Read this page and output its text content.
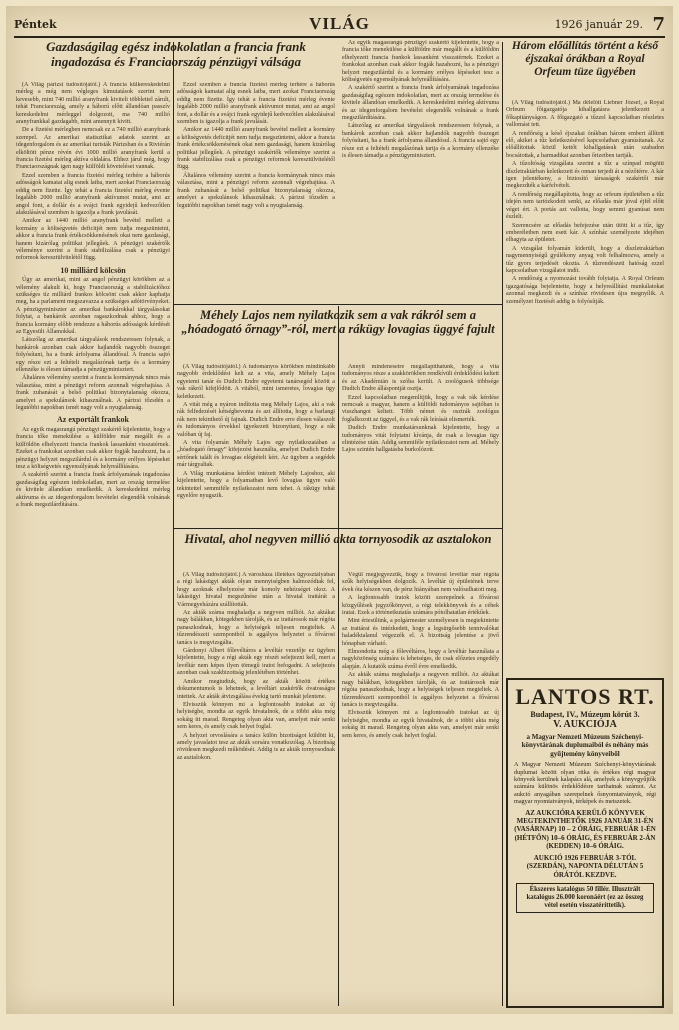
Péntek	VILÁG	1926 január 29. 7
Gazdaságilag egész indokolatlan a francia frank ingadozása és Franciaország pénzügyi válsága

(A Világ párizsi tudósítójától.) A francia külkereskedelmi mérleg a még nem végleges kimutatások szerint nem kevesebb, mint 740 millió aranyfrank kiviteli többlettel zárult, tehát Franciaország, amely a háború előtt állandóan passzív kereskedelmi mérleggel dolgozott, ma 740 millió aranyfrankkal gazdagabb, mint amennyit kivitt.

De a fizetési mérlegben nemcsak ez a 740 millió aranyfrank szerepel. Az amerikai statisztikai adatok szerint az idegenforgalom és az amerikai turisták Párizsban és a Riviérán elköltött pénze révén évi 1000 millió aranyfrank kerül a francia fizetési mérleg aktíva oldalára. Ehhez járul még, hogy Franciaországnak igen nagy külföldi követelései vannak.

Ezzel szemben a francia fizetési mérleg terhére a háborús adósságok kamatai alig esnek latba, mert azokat Franciaország eddig nem fizette. Így tehát a francia fizetési mérleg évente legalább 2000 millió aranyfrank aktívumot mutat, ami az angol font, a dollár és a svájci frank egyidejű kedvezőtlen alakulásával szemben is igazolja a frank javulását.

Amikor az 1440 millió aranyfrank bevétel mellett a kormány a költségvetés deficitjét nem tudja megszüntetni, akkor a francia frank értékcsökkenésének okai nem gazdasági, hanem kizárólag politikai jellegűek. A pénzügyi szakértők véleménye szerint a frank stabilizálása csak a pénzügyi reformok keresztülvitelétől függ.

10 milliárd kölcsön

Úgy az amerikai, mint az angol pénzügyi körökben az a vélemény alakult ki, hogy Franciaország a stabilizációhoz szükséges tíz milliárd frankos kölcsönt csak akkor kaphatja meg, ha a parlament megszavazza a szükséges adótörvényeket. A pénzügyminiszter az amerikai bankárokkal tárgyalásokat folytat, a bankárok azonban ragaszkodnak ahhoz, hogy a francia kormány előbb rendezze a háborús adósságok kérdését az Egyesült Államokkal.

Látszólag az amerikai tárgyalások rendszeresen folynak, a bankárok azonban csak akkor hajlandók nagyobb összeget folyósítani, ha a frank árfolyama állandósul. A francia sajtó egy része ezt a feltételt megalázónak tartja és a kormány ellenzéke is élesen támadja a pénzügyminisztert.

Általános vélemény szerint a francia kormánynak nincs más választása, mint a pénzügyi reform azonnali végrehajtása. A frank zuhanását a belső politikai bizonytalanság okozza, amelyet a spekulánsok kihasználnak. A párizsi tőzsdén a legutóbbi napokban ismét nagy volt a nyugtalanság.

Az exportált frankok

Az egyik magasrangú pénzügyi szakértő kijelentette, hogy a francia tőke menekülése a külföldre már megállt és a külföldön elhelyezett francia frankok lassanként visszatérnek. Ezeket a frankokat azonban csak akkor fogják hazahozni, ha a pénzügyi helyzet megszilárdul és a kormány erélyes lépéseket tesz a költségvetés egyensúlyának helyreállítására.

A szakértő szerint a francia frank árfolyamának ingadozása gazdaságilag egészen indokolatlan, mert az ország termelése és kivitele állandóan emelkedik. A kereskedelmi mérleg aktívuma és az idegenforgalom bevételei elegendők volnának a frank megszilárdítására.

Ezzel szemben a francia fizetési mérleg terhére a háborús adósságok kamatai alig esnek latba, mert azokat Franciaország eddig nem fizette. Így tehát a francia fizetési mérleg évente legalább 2000 millió aranyfrank aktívumot mutat, ami az angol font, a dollár és a svájci frank egyidejű kedvezőtlen alakulásával szemben is igazolja a frank javulását.

Amikor az 1440 millió aranyfrank bevétel mellett a kormány a költségvetés deficitjét nem tudja megszüntetni, akkor a francia frank értékcsökkenésének okai nem gazdasági, hanem kizárólag politikai jellegűek. A pénzügyi szakértők véleménye szerint a frank stabilizálása csak a pénzügyi reformok keresztülvitelétől függ.

Általános vélemény szerint a francia kormánynak nincs más választása, mint a pénzügyi reform azonnali végrehajtása. A frank zuhanását a belső politikai bizonytalanság okozza, amelyet a spekulánsok kihasználnak. A párizsi tőzsdén a legutóbbi napokban ismét nagy volt a nyugtalanság.

Az egyik magasrangú pénzügyi szakértő kijelentette, hogy a francia tőke menekülése a külföldre már megállt és a külföldön elhelyezett francia frankok lassanként visszatérnek. Ezeket a frankokat azonban csak akkor fogják hazahozni, ha a pénzügyi helyzet megszilárdul és a kormány erélyes lépéseket tesz a költségvetés egyensúlyának helyreállítására.

A szakértő szerint a francia frank árfolyamának ingadozása gazdaságilag egészen indokolatlan, mert az ország termelése és kivitele állandóan emelkedik. A kereskedelmi mérleg aktívuma és az idegenforgalom bevételei elegendők volnának a frank megszilárdítására.

Látszólag az amerikai tárgyalások rendszeresen folynak, a bankárok azonban csak akkor hajlandók nagyobb összeget folyósítani, ha a frank árfolyama állandósul. A francia sajtó egy része ezt a feltételt megalázónak tartja és a kormány ellenzéke is élesen támadja a pénzügyminisztert.

Méhely Lajos nem nyilatkozik sem a vak rákról sem a „hóadogató őrnagy”-ról, mert a rákügy lovagias üggyé fajult

(A Világ tudósítójától.) A tudományos körökben mindinkább nagyobb érdeklődést kelt az a vita, amely Méhely Lajos egyetemi tanár és Dudich Endre egyetemi tanársegéd között a vak rákról kifejlődött. A vitából, mint ismeretes, lovagias ügy keletkezett.

A vitát még a nyáron indította meg Méhely Lajos, aki a vak rák felfedezését kétségbevonta és azt állította, hogy a barlangi rák nem tekinthető új fajnak. Dudich Endre erre élesen válaszolt és tudományos érvekkel igyekezett bizonyítani, hogy a rák valóban új faj.

A vita folyamán Méhely Lajos egy nyilatkozatában a „hóadogató őrnagy” kifejezést használta, amelyet Dudich Endre sértőnek talált és lovagias elégtételt kért. Az ügyben a segédek már tárgyaltak.

A Világ munkatársa kérdést intézett Méhely Lajoshoz, aki kijelentette, hogy a folyamatban levő lovagias ügyre való tekintettel semmiféle nyilatkozatot nem tehet. A rákügy tehát egyelőre nyugszik.

Annyit mindenesetre megállapíthatunk, hogy a vita tudományos része a szakkörökben rendkívüli érdeklődést keltett és az Akadémián is szóba került. A zoológusok többsége Dudich Endre álláspontját osztja.

Ezzel kapcsolatban megemlítjük, hogy a vak rák kérdése nemcsak a magyar, hanem a külföldi tudományos sajtóban is visszhangot keltett. Több német és osztrák zoológus foglalkozott az üggyel, és a vak rák leírását elismerték.

Dudich Endre munkatársunknak kijelentette, hogy a tudományos vitát folytatni kívánja, de csak a lovagias ügy elintézése után. Addig semmiféle nyilatkozatot nem ad. Méhely Lajos szintén hallgatásba burkolózott.

Hivatal, ahol negyven millió akta tornyosodik az asztalokon

(A Világ tudósítójától.) A városháza illetékes ügyosztályában a régi lakásügyi akták olyan mennyiségben halmozódtak fel, hogy azoknak elhelyezése már komoly nehézséget okoz. A lakásügyi hivatal megszűnése után a hivatal irattárát a Vármegyeházára szállították.

Az akták száma meghaladja a negyven milliót. Az aktákat nagy bálákban, kötegekben tárolják, és az irattárosok már régóta panaszkodnak, hogy a helyiségek teljesen megteltek. A tűzrendészeti szempontból is aggályos helyzetet a fővárosi tanács is megvizsgálta.

Gárdonyi Albert főlevéltáros a levéltár vezetője ez ügyben kijelentette, hogy a régi akták egy részét selejtezni kell, mert a levéltár nem képes ilyen tömegű iratot befogadni. A selejtezés azonban csak szakbizottság jelenlétében történhet.

Amikor megtudtuk, hogy az akták között értékes dokumentumok is lehetnek, a levéltári szakértők óvatosságra intettek. Az akták átvizsgálása évekig tartó munkát jelentene.

Elvisszük könnyen mi a legfontosabb iratokat az új helyiségbe, mondta az egyik hivatalnok, de a többi akta még sokáig itt marad. Rengeteg olyan akta van, amelyet már senki sem keres, és amely csak helyet foglal.

A helyzet orvoslására a tanács külön bizottságot küldött ki, amely javaslatot tesz az akták sorsára vonatkozólag. A bizottság rövidesen megkezdi működését. Addig is az akták tornyosodnak az asztalokon.

Végül megjegyezzük, hogy a fővárosi levéltár már régóta szűk helyiségekben dolgozik. A levéltár új épületének terve évek óta készen van, de pénz hiányában nem valósulhatott meg.

A legfontosabb iratok között szerepelnek a fővárosi közgyűlések jegyzőkönyvei, a régi telekkönyvek és a céhek iratai. Ezek a történetkutatás számára pótolhatatlan értékűek.

Mint értesülünk, a polgármester személyesen is megtekintette az irattárat és intézkedett, hogy a legsürgősebb tennivalókat haladéktalanul végezzék el. A bizottság jelentése a jövő hónapban várható.

Elmondotta még a főlevéltáros, hogy a levéltár használata a nagyközönség számára is lehetséges, de csak előzetes engedély alapján. A kutatók száma évről évre emelkedik.

Az akták száma meghaladja a negyven milliót. Az aktákat nagy bálákban, kötegekben tárolják, és az irattárosok már régóta panaszkodnak, hogy a helyiségek teljesen megteltek. A tűzrendészeti szempontból is aggályos helyzetet a fővárosi tanács is megvizsgálta.

Elvisszük könnyen mi a legfontosabb iratokat az új helyiségbe, mondta az egyik hivatalnok, de a többi akta még sokáig itt marad. Rengeteg olyan akta van, amelyet már senki sem keres, és amely csak helyet foglal.

Három előállítás történt a késő éjszakai órákban a Royal Orfeum tüze ügyében

(A Világ tudósítójától.) Ma délelőtt Liebner József, a Royal Orfeum főigazgatója kihallgatásra jelentkezett a főkapitányságon. A főigazgató a tűzzel kapcsolatban részletes vallomást tett.

A rendőrség a késő éjszakai órákban három embert állított elő, akiket a tűz keletkezésével kapcsolatban gyanúsítanak. Az előállítottak közül kettőt kihallgatásuk után szabadon bocsátottak, a harmadikat azonban őrizetben tartják.

A tűzoltóság vizsgálata szerint a tűz a színpad mögötti díszletraktárban keletkezett és onnan terjedt át a nézőtérre. A kár igen jelentékeny, a biztosító társaságok szakértői már megkezdték a kárfelvételt.

A rendőrség megállapította, hogy az orfeum épületében a tűz idején nem tartózkodott senki, az előadás már jóval éjfél előtt véget ért. A portás azt vallotta, hogy semmi gyanúsat nem észlelt.

Szerencsére az előadás befejezése után ütött ki a tűz, így emberéletben nem esett kár. A színház személyzete idejében elhagyta az épületet.

A vizsgálat folyamán kiderült, hogy a díszletraktárban nagymennyiségű gyúlékony anyag volt felhalmozva, amely a tűz gyors terjedését okozta. A tűzrendészeti hatóság ezzel kapcsolatban vizsgálatot indít.

A rendőrség a nyomozást tovább folytatja. A Royal Orfeum igazgatósága bejelentette, hogy a helyreállítási munkálatokat azonnal megkezdi és a színház rövidesen újra megnyílik. A személyzet fizetését addig is folyósítják.

LANTOS RT.
Budapest, IV., Múzeum körút 3.
V. AUKCIÓJA
a Magyar Nemzeti Múzeum Széchenyi-könyvtárának duplumaiból és néhány más gyűjtemény könyveiből
A Magyar Nemzeti Múzeum Széchenyi-könyvtárának duplumai között olyan ritka és értékes régi magyar könyvek kerülnek kalapács alá, amelyek a könyvgyűjtők számára különös érdeklődésre tarthatnak számot. Az aukció anyagában szerepelnek ősnyomtatványok, régi magyar nyomtatványok, térképek és metszetek.
AZ AUKCIÓRA KERÜLŐ KÖNYVEK MEGTEKINTHETŐK 1926 JANUÁR 31-ÉN (VASÁRNAP) 10 – 2 ÓRÁIG, FEBRUÁR 1-ÉN (HÉTFŐN) 10–6 ÓRÁIG, ÉS FEBRUÁR 2-ÁN (KEDDEN) 10–6 ÓRÁIG.
AUKCIÓ 1926 FEBRUÁR 3-TÓL (SZERDÁN), NAPONTA DÉLUTÁN 5 ÓRÁTÓL KEZDVE.
Ékszeres katalógus 50 fillér. Illusztrált katalógus 26.000 koronáért (ez az összeg vétel esetén visszatéríttetik).
